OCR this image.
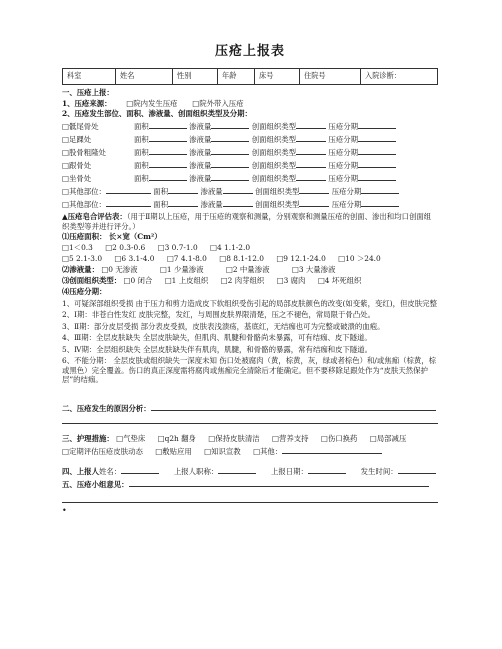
压疮上报表
科室	姓名	性别	年龄	床号	住院号	入院诊断：
一、压疮上报：
1、压疮来源： □院内发生压疮 □院外带入压疮
2、压疮发生部位、面积、渗液量、创面组织类型及分期：
□骶尾骨处	面积	渗液量	创面组织类型	压疮分期
□足踝处	面积	渗液量	创面组织类型	压疮分期
□股骨粗隆处	面积	渗液量	创面组织类型	压疮分期
□跟骨处	面积	渗液量	创面组织类型	压疮分期
□坐骨处	面积	渗液量	创面组织类型	压疮分期
□其他部位：	面积	渗液量	创面组织类型	压疮分期
□其他部位：	面积	渗液量	创面组织类型	压疮分期
▲压疮皂合评估表：（用于Ⅱ期以上压疮，用于压疮的观察和测量，分别观察和测量压疮的创面、渗出和均口创面组织类型等并进行评分。）
⑴压疮面积： 长×宽（Cm²）
□1＜0.3 □2 0.3-0.6 □3 0.7-1.0 □4 1.1-2.0
□5 2.1-3.0 □6 3.1-4.0 □7 4.1-8.0 □8 8.1-12.0 □9 12.1-24.0 □10 ＞24.0
⑵渗液量： □0 无渗液	□1 少量渗液	□2 中量渗液	□3 大量渗液
⑶创面组织类型： □0 闭合 □1 上皮组织 □2 肉芽组织 □3 腐肉 □4 坏死组织
⑷压疮分期：
1、可疑深部组织受损 由于压力和剪力造成皮下软组织受伤引起的局部皮肤颜色的改变(如变紫，变红)，但皮肤完整
2、Ⅰ期：非苍白性发红 皮肤完整，发红，与周围皮肤界限清楚，压之不褪色，常局限于骨凸处。
3、Ⅱ期：部分皮层受损 部分表皮受损，皮肤表浅溃疡，基底红，无结痂也可为完整或破溃的血疱。
4、Ⅲ期：全层皮肤缺失 全层皮肤缺失，但肌肉、肌腱和骨骼尚未暴露，可有结痂、皮下隧道。
5、Ⅳ期：全层组织缺失 全层皮肤缺失伴有肌肉，肌腱，和骨骼的暴露，常有结痂和皮下隧道。
6、不能分期： 全层皮肤或组织缺失一深度未知 伤口处被腐肉（黄，棕黄，灰，绿或者棕色）和/或焦痂（棕黄，棕或黑色）完全覆盖。伤口的真正深度需将腐肉或焦痂完全清除后才能确定。但不要移除足跟处作为“皮肤天然保护层”的结痂。
二、压疮发生的原因分析：
三、护理措施： □气垫床 □q2h 翻身 □保持皮肤清洁 □营养支持 □伤口换药 □局部减压
□定期评估压疮皮肤动态 □敷贴应用 □知识宣教 □其他：
四、上报人姓名：	上报人职称：	上报日期：	发生时间：
五、压疮小组意见：
•
